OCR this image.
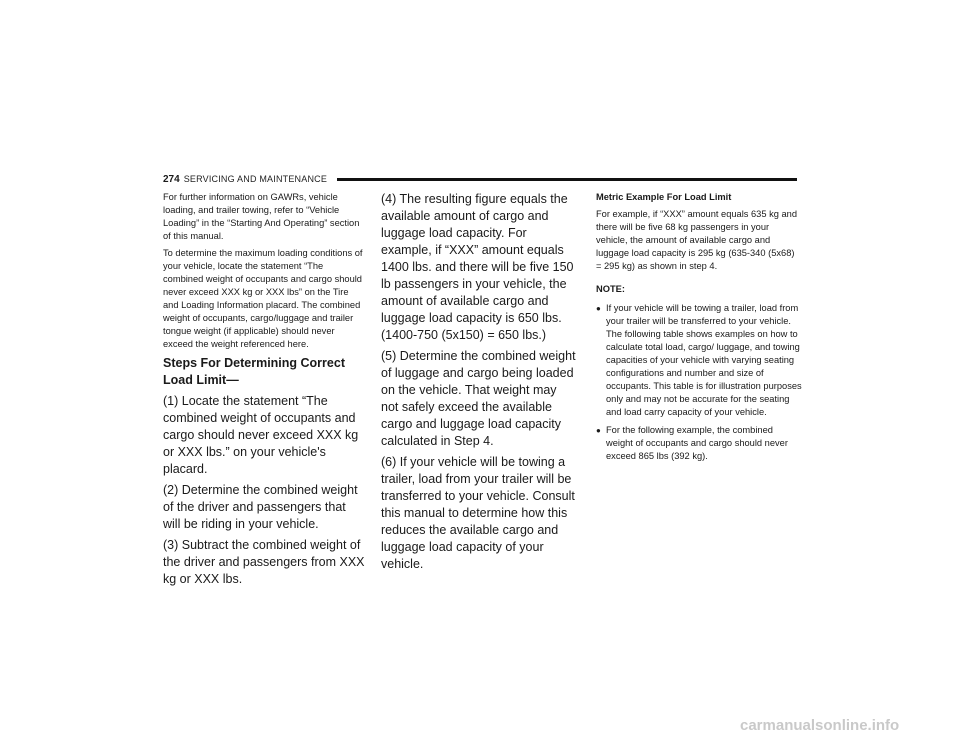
274 SERVICING AND MAINTENANCE

For further information on GAWRs, vehicle loading, and trailer towing, refer to “Vehicle Loading” in the “Starting And Operating” section of this manual.

To determine the maximum loading conditions of your vehicle, locate the statement “The combined weight of occupants and cargo should never exceed XXX kg or XXX lbs” on the Tire and Loading Information placard. The combined weight of occupants, cargo/luggage and trailer tongue weight (if applicable) should never exceed the weight referenced here.

Steps For Determining Correct Load Limit—

(1) Locate the statement “The combined weight of occupants and cargo should never exceed XXX kg or XXX lbs.” on your vehicle's placard.

(2) Determine the combined weight of the driver and passengers that will be riding in your vehicle.

(3) Subtract the combined weight of the driver and passengers from XXX kg or XXX lbs.

(4) The resulting figure equals the available amount of cargo and luggage load capacity. For example, if “XXX” amount equals 1400 lbs. and there will be five 150 lb passengers in your vehicle, the amount of available cargo and luggage load capacity is 650 lbs. (1400-750 (5x150) = 650 lbs.)

(5) Determine the combined weight of luggage and cargo being loaded on the vehicle. That weight may not safely exceed the available cargo and luggage load capacity calculated in Step 4.

(6) If your vehicle will be towing a trailer, load from your trailer will be transferred to your vehicle. Consult this manual to determine how this reduces the available cargo and luggage load capacity of your vehicle.

Metric Example For Load Limit

For example, if “XXX” amount equals 635 kg and there will be five 68 kg passengers in your vehicle, the amount of available cargo and luggage load capacity is 295 kg (635-340 (5x68) = 295 kg) as shown in step 4.

NOTE:

● If your vehicle will be towing a trailer, load from your trailer will be transferred to your vehicle. The following table shows examples on how to calculate total load, cargo/ luggage, and towing capacities of your vehicle with varying seating configurations and number and size of occupants. This table is for illustration purposes only and may not be accurate for the seating and load carry capacity of your vehicle.
● For the following example, the combined weight of occupants and cargo should never exceed 865 lbs (392 kg).
carmanualsonline.info
